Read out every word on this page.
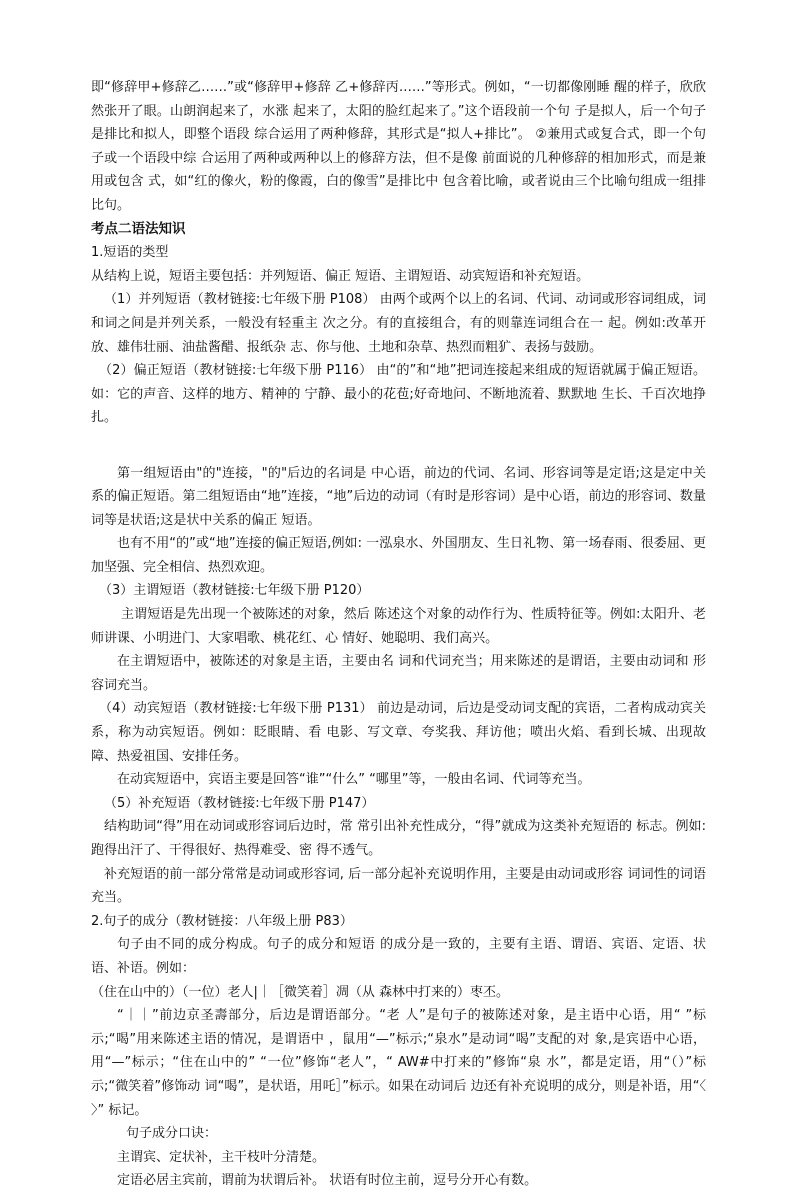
即“修辞甲+修辞乙……”或“修辞甲+修辞 乙+修辞丙……”等形式。例如，“一切都像刚睡 醒的样子，欣欣然张开了眼。山朗润起来了，水涨 起来了，太阳的脸红起来了。”这个语段前一个句 子是拟人，后一个句子是排比和拟人，即整个语段 综合运用了两种修辞，其形式是“拟人+排比”。 ②兼用式或复合式，即一个句子或一个语段中综 合运用了两种或两种以上的修辞方法，但不是像 前面说的几种修辞的相加形式，而是兼用或包含 式，如“红的像火，粉的像霞，白的像雪”是排比中 包含着比喻，或者说由三个比喻句组成一组排 比句。

考点二语法知识

1.短语的类型

从结构上说，短语主要包括：并列短语、偏正 短语、主谓短语、动宾短语和补充短语。

（1）并列短语（教材链接:七年级下册 P108） 由两个或两个以上的名词、代词、动词或形容词组成，词和词之间是并列关系，一般没有轻重主 次之分。有的直接组合，有的则靠连词组合在一 起。例如:改革开放、雄伟壮丽、油盐酱醋、报纸杂 志、你与他、土地和杂草、热烈而粗犷、表扬与鼓励。

（2）偏正短语（教材链接:七年级下册 P116） 由“的”和“地”把词连接起来组成的短语就属于偏正短语。如：它的声音、这样的地方、精神的 宁静、最小的花苞;好奇地问、不断地流着、默默地 生长、千百次地挣扎。

第一组短语由"的"连接，"的"后边的名词是 中心语，前边的代词、名词、形容词等是定语;这是定中关系的偏正短语。第二组短语由“地”连接，“地”后边的动词（有时是形容词）是中心语，前边的形容词、数量词等是状语;这是状中关系的偏正 短语。

也有不用“的”或“地”连接的偏正短语,例如: 一泓泉水、外国朋友、生日礼物、第一场春雨、很委屈、更加坚强、完全相信、热烈欢迎。

（3）主谓短语（教材链接:七年级下册 P120）

主谓短语是先出现一个被陈述的对象，然后 陈述这个对象的动作行为、性质特征等。例如:太阳升、老师讲课、小明进门、大家唱歌、桃花红、心 情好、她聪明、我们高兴。

在主谓短语中，被陈述的对象是主语，主要由名 词和代词充当；用来陈述的是谓语，主要由动词和 形容词充当。

（4）动宾短语（教材链接:七年级下册 P131） 前边是动词，后边是受动词支配的宾语，二者构成动宾关系，称为动宾短语。例如：眨眼睛、看 电影、写文章、夸奖我、拜访他；喷出火焰、看到长城、出现故障、热爱祖国、安排任务。

在动宾短语中，宾语主要是回答“谁”“什么” “哪里”等，一般由名词、代词等充当。

（5）补充短语（教材链接:七年级下册 P147）

结构助词“得”用在动词或形容词后边时，常 常引出补充性成分，“得”就成为这类补充短语的 标志。例如:跑得出汗了、干得很好、热得难受、密 得不透气。

补充短语的前一部分常常是动词或形容词, 后一部分起补充说明作用，主要是由动词或形容 词词性的词语充当。

2.句子的成分（教材链接：八年级上册 P83）

句子由不同的成分构成。句子的成分和短语 的成分是一致的，主要有主语、谓语、宾语、定语、状语、补语。例如：

（住在山中的）（一位）老人|｜［微笑着］凋（从 森林中打来的）枣丕。

“｜｜”前边京圣壽部分，后边是谓语部分。“老 人”是句子的被陈述对象，是主语中心语，用“ ”标示;“喝”用来陈述主语的情况，是谓语中 ，鼠用“—”标示;“泉水”是动词“喝”支配的对 象,是宾语中心语，用“—”标示；“住在山中的” “一位”修饰“老人”，“ AW#中打来的”修饰“泉 水”，都是定语，用“（）”标示;“微笑着”修饰动 词“喝”，是状语，用吒］”标示。如果在动词后 边还有补充说明的成分，则是补语，用“〈 〉” 标记。

句子成分口诀：

主谓宾、定状补，主干枝叶分清楚。

定语必居主宾前，谓前为状谓后补。 状语有时位主前，逗号分开心有数。
